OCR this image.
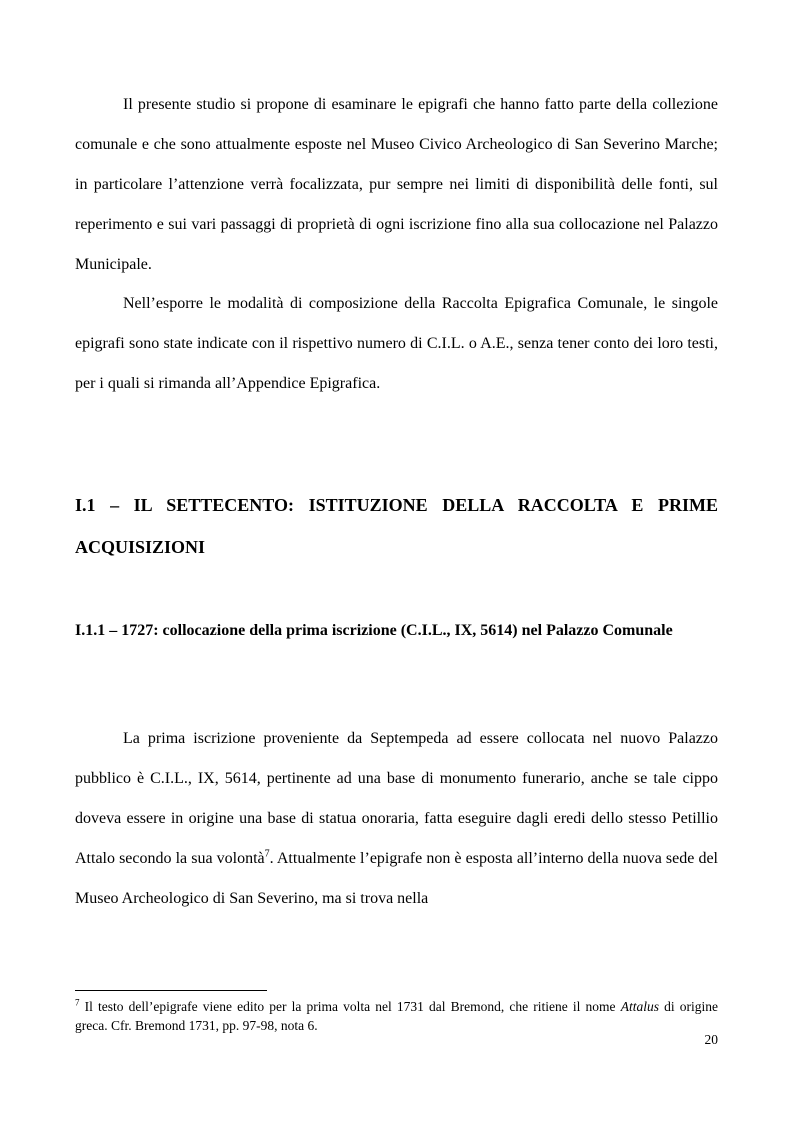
Il presente studio si propone di esaminare le epigrafi che hanno fatto parte della collezione comunale e che sono attualmente esposte nel Museo Civico Archeologico di San Severino Marche; in particolare l’attenzione verrà focalizzata, pur sempre nei limiti di disponibilità delle fonti, sul reperimento e sui vari passaggi di proprietà di ogni iscrizione fino alla sua collocazione nel Palazzo Municipale.

Nell’esporre le modalità di composizione della Raccolta Epigrafica Comunale, le singole epigrafi sono state indicate con il rispettivo numero di C.I.L. o A.E., senza tener conto dei loro testi, per i quali si rimanda all’Appendice Epigrafica.

I.1 – IL SETTECENTO: ISTITUZIONE DELLA RACCOLTA E PRIME ACQUISIZIONI
I.1.1 – 1727: collocazione della prima iscrizione (C.I.L., IX, 5614) nel Palazzo Comunale

La prima iscrizione proveniente da Septempeda ad essere collocata nel nuovo Palazzo pubblico è C.I.L., IX, 5614, pertinente ad una base di monumento funerario, anche se tale cippo doveva essere in origine una base di statua onoraria, fatta eseguire dagli eredi dello stesso Petillio Attalo secondo la sua volontà$^7$. Attualmente l’epigrafe non è esposta all’interno della nuova sede del Museo Archeologico di San Severino, ma si trova nella

$^7$ Il testo dell’epigrafe viene edito per la prima volta nel 1731 dal Bremond, che ritiene il nome Attalus di origine greca. Cfr. Bremond 1731, pp. 97-98, nota 6.

20
